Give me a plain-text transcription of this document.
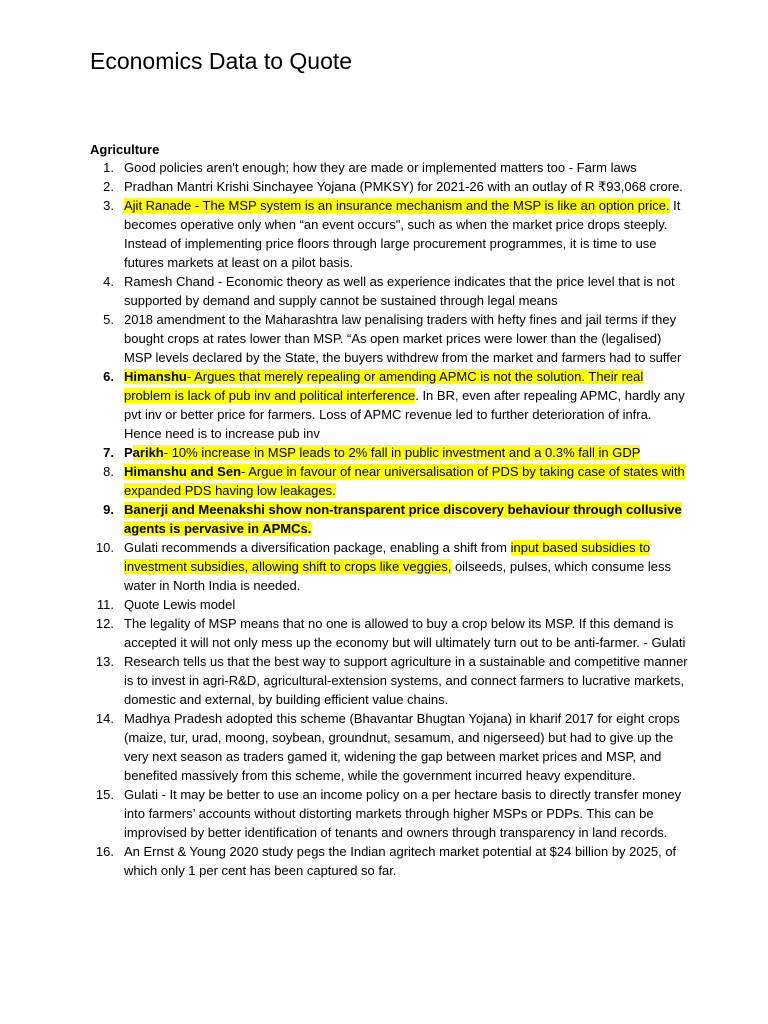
Economics Data to Quote
Agriculture
1. Good policies aren't enough; how they are made or implemented matters too - Farm laws
2. Pradhan Mantri Krishi Sinchayee Yojana (PMKSY) for 2021-26 with an outlay of R ₹93,068 crore.
3. Ajit Ranade - The MSP system is an insurance mechanism and the MSP is like an option price. It becomes operative only when “an event occurs", such as when the market price drops steeply. Instead of implementing price floors through large procurement programmes, it is time to use futures markets at least on a pilot basis.
4. Ramesh Chand - Economic theory as well as experience indicates that the price level that is not supported by demand and supply cannot be sustained through legal means
5. 2018 amendment to the Maharashtra law penalising traders with hefty fines and jail terms if they bought crops at rates lower than MSP. “As open market prices were lower than the (legalised) MSP levels declared by the State, the buyers withdrew from the market and farmers had to suffer
6. Himanshu- Argues that merely repealing or amending APMC is not the solution. Their real problem is lack of pub inv and political interference. In BR, even after repealing APMC, hardly any pvt inv or better price for farmers. Loss of APMC revenue led to further deterioration of infra. Hence need is to increase pub inv
7. Parikh- 10% increase in MSP leads to 2% fall in public investment and a 0.3% fall in GDP
8. Himanshu and Sen- Argue in favour of near universalisation of PDS by taking case of states with expanded PDS having low leakages.
9. Banerji and Meenakshi show non-transparent price discovery behaviour through collusive agents is pervasive in APMCs.
10. Gulati recommends a diversification package, enabling a shift from input based subsidies to investment subsidies, allowing shift to crops like veggies, oilseeds, pulses, which consume less water in North India is needed.
11. Quote Lewis model
12. The legality of MSP means that no one is allowed to buy a crop below its MSP. If this demand is accepted it will not only mess up the economy but will ultimately turn out to be anti-farmer. - Gulati
13. Research tells us that the best way to support agriculture in a sustainable and competitive manner is to invest in agri-R&D, agricultural-extension systems, and connect farmers to lucrative markets, domestic and external, by building efficient value chains.
14. Madhya Pradesh adopted this scheme (Bhavantar Bhugtan Yojana) in kharif 2017 for eight crops (maize, tur, urad, moong, soybean, groundnut, sesamum, and nigerseed) but had to give up the very next season as traders gamed it, widening the gap between market prices and MSP, and benefited massively from this scheme, while the government incurred heavy expenditure.
15. Gulati - It may be better to use an income policy on a per hectare basis to directly transfer money into farmers’ accounts without distorting markets through higher MSPs or PDPs. This can be improvised by better identification of tenants and owners through transparency in land records.
16. An Ernst & Young 2020 study pegs the Indian agritech market potential at $24 billion by 2025, of which only 1 per cent has been captured so far.
